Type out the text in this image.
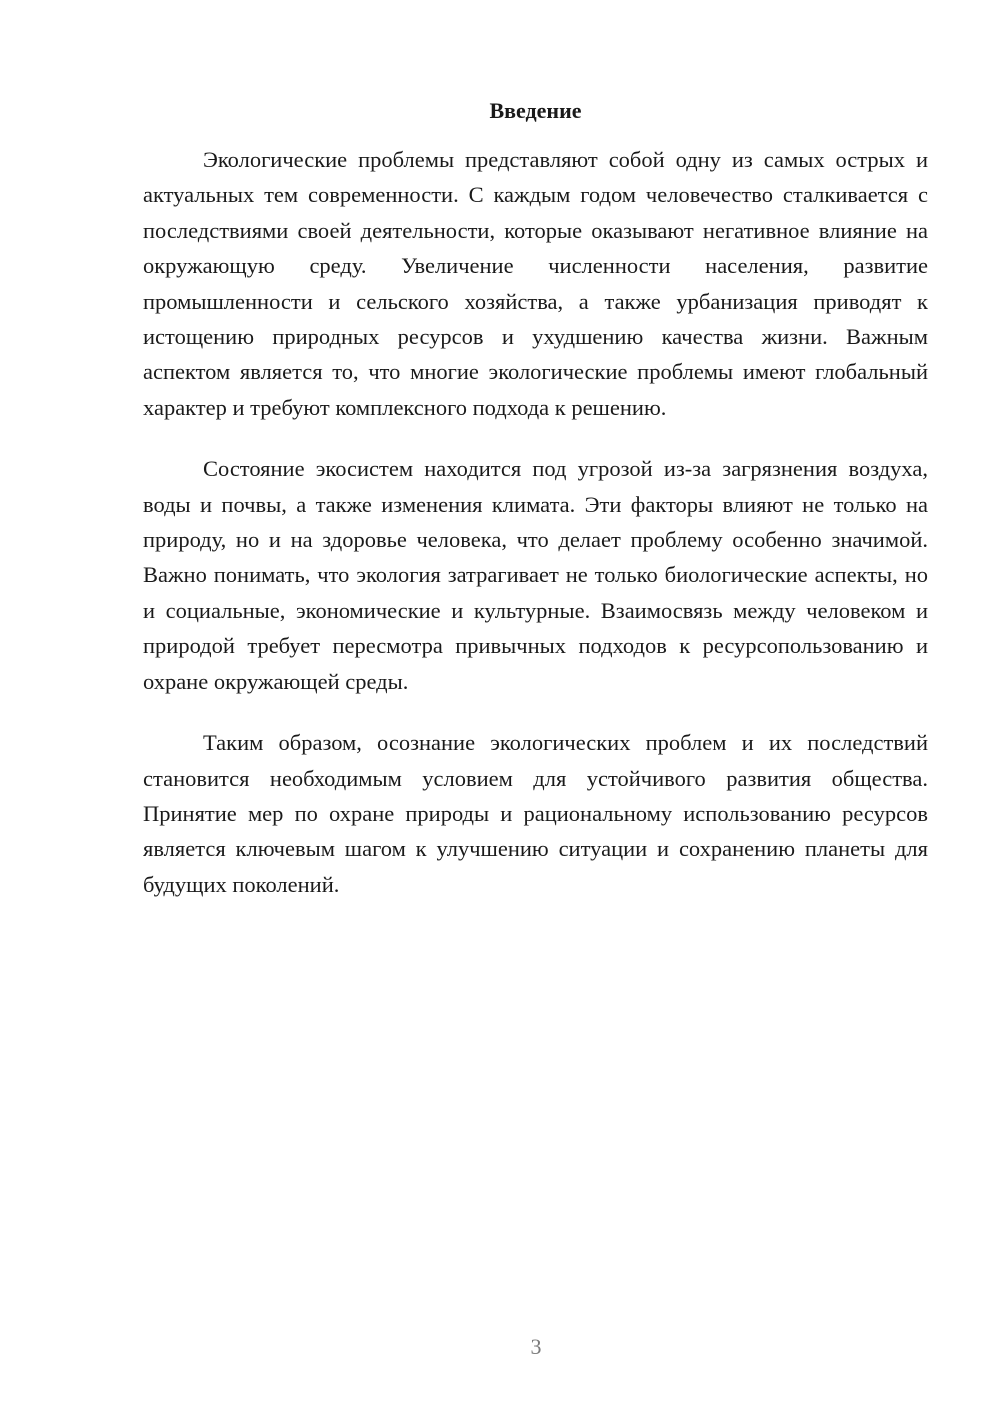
Введение

Экологические проблемы представляют собой одну из самых острых и актуальных тем современности. С каждым годом человечество сталкивается с последствиями своей деятельности, которые оказывают негативное влияние на окружающую среду. Увеличение численности населения, развитие промышленности и сельского хозяйства, а также урбанизация приводят к истощению природных ресурсов и ухудшению качества жизни. Важным аспектом является то, что многие экологические проблемы имеют глобальный характер и требуют комплексного подхода к решению.

Состояние экосистем находится под угрозой из-за загрязнения воздуха, воды и почвы, а также изменения климата. Эти факторы влияют не только на природу, но и на здоровье человека, что делает проблему особенно значимой. Важно понимать, что экология затрагивает не только биологические аспекты, но и социальные, экономические и культурные. Взаимосвязь между человеком и природой требует пересмотра привычных подходов к ресурсопользованию и охране окружающей среды.

Таким образом, осознание экологических проблем и их последствий становится необходимым условием для устойчивого развития общества. Принятие мер по охране природы и рациональному использованию ресурсов является ключевым шагом к улучшению ситуации и сохранению планеты для будущих поколений.

3
